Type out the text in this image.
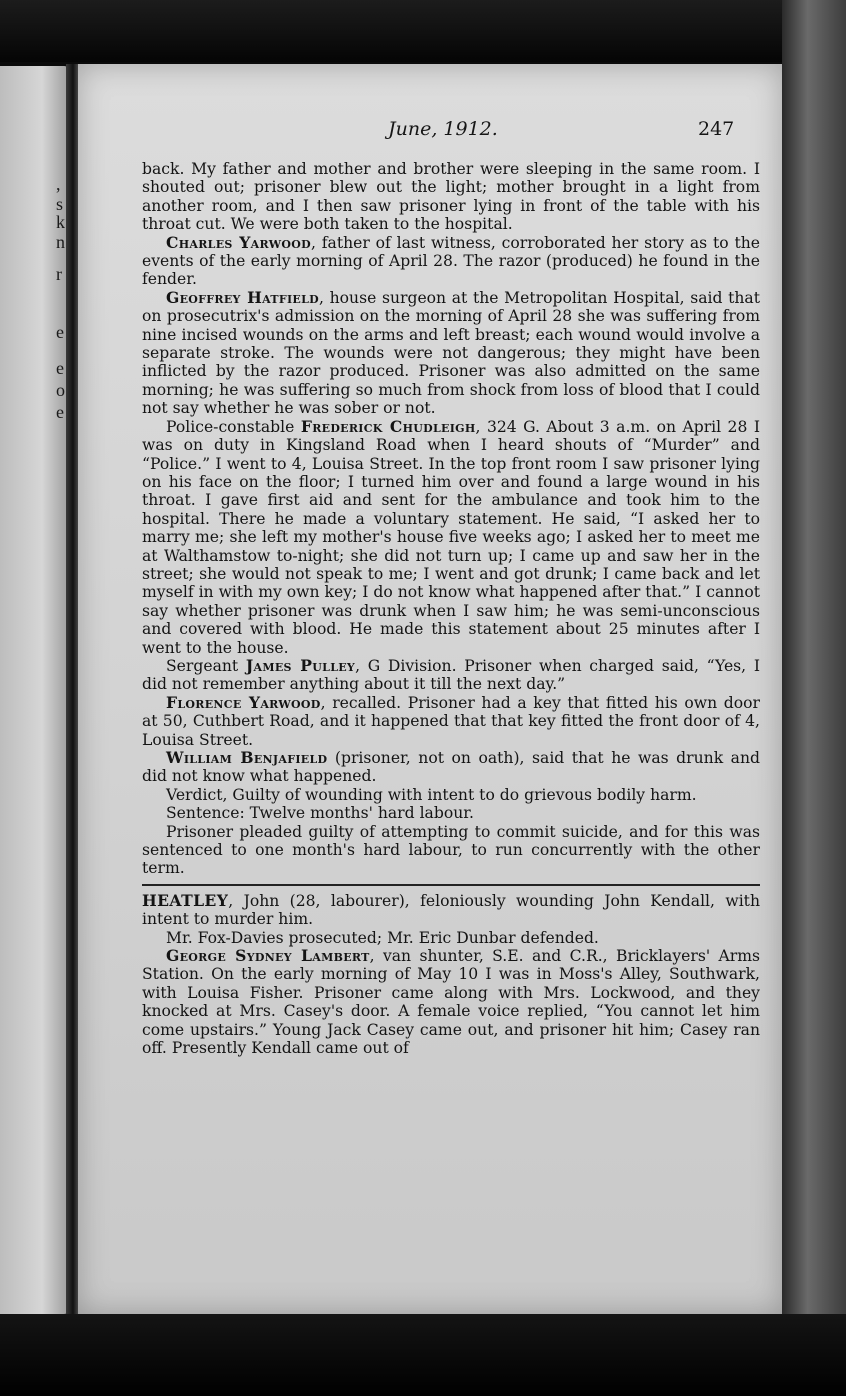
,
s
k
n
r
e
e
o
e
June, 1912.	247

back. My father and mother and brother were sleeping in the same room. I shouted out; prisoner blew out the light; mother brought in a light from another room, and I then saw prisoner lying in front of the table with his throat cut. We were both taken to the hospital.

Charles Yarwood, father of last witness, corroborated her story as to the events of the early morning of April 28. The razor (produced) he found in the fender.

Geoffrey Hatfield, house surgeon at the Metropolitan Hospital, said that on prosecutrix's admission on the morning of April 28 she was suffering from nine incised wounds on the arms and left breast; each wound would involve a separate stroke. The wounds were not dangerous; they might have been inflicted by the razor produced. Prisoner was also admitted on the same morning; he was suffering so much from shock from loss of blood that I could not say whether he was sober or not.

Police-constable Frederick Chudleigh, 324 G. About 3 a.m. on April 28 I was on duty in Kingsland Road when I heard shouts of “Murder” and “Police.” I went to 4, Louisa Street. In the top front room I saw prisoner lying on his face on the floor; I turned him over and found a large wound in his throat. I gave first aid and sent for the ambulance and took him to the hospital. There he made a voluntary statement. He said, “I asked her to marry me; she left my mother's house five weeks ago; I asked her to meet me at Walthamstow to-night; she did not turn up; I came up and saw her in the street; she would not speak to me; I went and got drunk; I came back and let myself in with my own key; I do not know what happened after that.” I cannot say whether prisoner was drunk when I saw him; he was semi-unconscious and covered with blood. He made this statement about 25 minutes after I went to the house.

Sergeant James Pulley, G Division. Prisoner when charged said, “Yes, I did not remember anything about it till the next day.”

Florence Yarwood, recalled. Prisoner had a key that fitted his own door at 50, Cuthbert Road, and it happened that that key fitted the front door of 4, Louisa Street.

William Benjafield (prisoner, not on oath), said that he was drunk and did not know what happened.

Verdict, Guilty of wounding with intent to do grievous bodily harm.

Sentence: Twelve months' hard labour.

Prisoner pleaded guilty of attempting to commit suicide, and for this was sentenced to one month's hard labour, to run concurrently with the other term.

HEATLEY, John (28, labourer), feloniously wounding John Kendall, with intent to murder him.

Mr. Fox-Davies prosecuted; Mr. Eric Dunbar defended.

George Sydney Lambert, van shunter, S.E. and C.R., Bricklayers' Arms Station. On the early morning of May 10 I was in Moss's Alley, Southwark, with Louisa Fisher. Prisoner came along with Mrs. Lockwood, and they knocked at Mrs. Casey's door. A female voice replied, “You cannot let him come upstairs.” Young Jack Casey came out, and prisoner hit him; Casey ran off. Presently Kendall came out of
